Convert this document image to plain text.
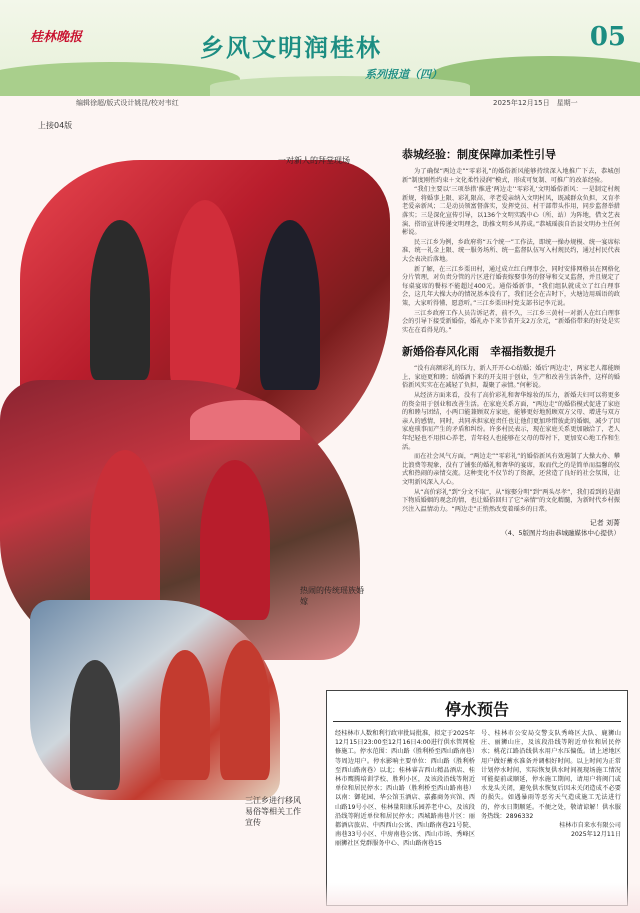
桂林晚报	乡风文明润桂林
系列报道（四）
05
编辑徐超/版式设计姚昆/校对韦红	2025年12月15日　星期一
上接04版
一对新人的拜堂现场
热闹的传统瑶族婚嫁
三江乡进行移风易俗等相关工作宣传
恭城经验：制度保障加柔性引导

为了确保“两边走”“零彩礼”的婚俗新风能够持续深入地推广下去，恭城创新“制度刚性约束＋文化柔性浸润”模式，形成可复制、可推广的改革经验。

“我们主要以‘三项举措’推进‘两边走’‘零彩礼’文明婚俗新风：一是制定村规新规，将婚事上限、彩礼限高、孝老爱亲纳入文明村风，既减群众负担，又育孝老爱亲新风；二是动员领富督落实，发挥党员、村干部带头作用，同步监督举措落实；三是深化宣传引导，以136个文明实践中心（所、站）为阵地，借文艺表演、搭语宣讲传递文明理念，助推文明乡风养成。”恭城瑶族自治县文明办主任何彬说。

民三江乡为例，乡政府将“五个统一”工作法，即统一操办规模、统一宴席标准、统一礼金上限、统一服务场所、统一监督队伍写入村规民约，通过村民代表大会表决后落地。

新了解，在三江乡栗田村，通过成立红白理事会，同时安排网格员在网格化分片管理，对负责分管的片区进行婚丧嫁娶事务的督导和交叉监督，并且规定了每桌宴席的餐标不能超过400元。通俗婚新事，“我们组队就成立了红白理事会，这几年大操大办的情况基本没有了，我们还会在吉时下，火塘边用瑶语的政策，大家听得懂、愿意听。”三江乡栗田村党支部书记李元说。

三江乡政府工作人员告诉记者，前不久，三江乡三黄村一对新人在红白理事会的引导下接受新婚俗，婚礼办下来节省开支2万余元，“新婚俗带来的好处是实实在在看得见的。”

新婚俗春风化雨　幸福指数提升

“没有高额彩礼的压力，新人开开心心结婚；婚后‘两边走’，两家老人都能顾上，家庭更和睦；结婚酒下来的开支用于创业，生产和改善生活条件，这样的婚俗新风实实在在减轻了负担，凝聚了亲情。”何彬说。

从经济方面来看，没有了高价彩礼和奢华嫁妆的压力，新婚夫妇可以将更多的资金用于创业和改善生活。在家庭关系方面，“两边走”的婚俗模式促进了家庭的和睦与团结，小两口能兼顾双方家庭，能够更好地照顾双方父母、增进与双方亲人的感情，同时，共同承担家庭责任也让他们更加珍惜彼此的婚姻，减少了因家庭琐事而产生的矛盾和纠纷。许多村民表示，现在家庭关系更加融洽了，老人年纪轻也不用担心养老，青年轻人也能够在父母的帮衬下，更加安心地工作和生活。

而在社会风气方面，“两边走”“零彩礼”的婚俗新风有效遏制了大操大办、攀比浪费等现象，没有了铺张的婚礼和奢华的宴席，取而代之的是简单而温馨的仪式和热闹的亲情交流。这种变化不仅节约了资源，还营造了良好的社会氛围，让文明新风深入人心。

从“高价彩礼”到“分文不取”，从“嫁娶分明”到“两头尽孝”，我们看到的是湖下物质婚姻的观念的情，也让婚俗回归了它“亲情”的文化精髓，为新时代乡村振兴注入温情动力。“两边走”正悄然改变着瑶乡的日常。

记者 刘菁
（4、5版图片均由恭城融媒体中心提供）
停水预告

经桂林市人数和利行政审批局批准，拟定于2025年12月15日23:00至12月16日4:00进行供水管网检修施工。停水范围：西山路（胜利桥至西山路南巷）等周边用户。停水影响主要单位：西山路（胜利桥至西山路南巷）以北；桂林睿吉西山精品酒店、桂林市鹰腾培训学校、胜利小区，及该段沿线等附近单位和居民停水；西山路（胜利桥至西山路南巷）以南：御花园、华公馆玉酒店、嘉鑫商务宾馆、西山路19号小区、桂林量阳康乐园养老中心，及该段沿线等附近单位和居民停水；西城路南巷片区：丽都酒店旅店、中西西山公寓、西山路南巷21号院、南巷33号小区、中房南巷公寓、西山市场、秀峰区丽狮社区党群服务中心、西山路南巷15

号、桂林市公安局交警支队秀峰区大队、鹿狮山庄、丽狮山庄，及该段沿线等附近单位和居民停水；桃花江路沿线供水用户水压偏低。请上述地区用户做好蓄水准备并调相好时间。以上时间为正常计划停水时间，实际恢复供水时间视现场施工情况可能提前或顺延，停水施工期间，请用户将阀门或水龙头关闭，避免供水恢复后因未关闭造成不必要的损失。如遇暴雨等恶劣天气造成施工无法进行的，停水日期顺延。不便之处，敬请谅解！供水服务热线：2896332

桂林市自来水有限公司

2025年12月11日
